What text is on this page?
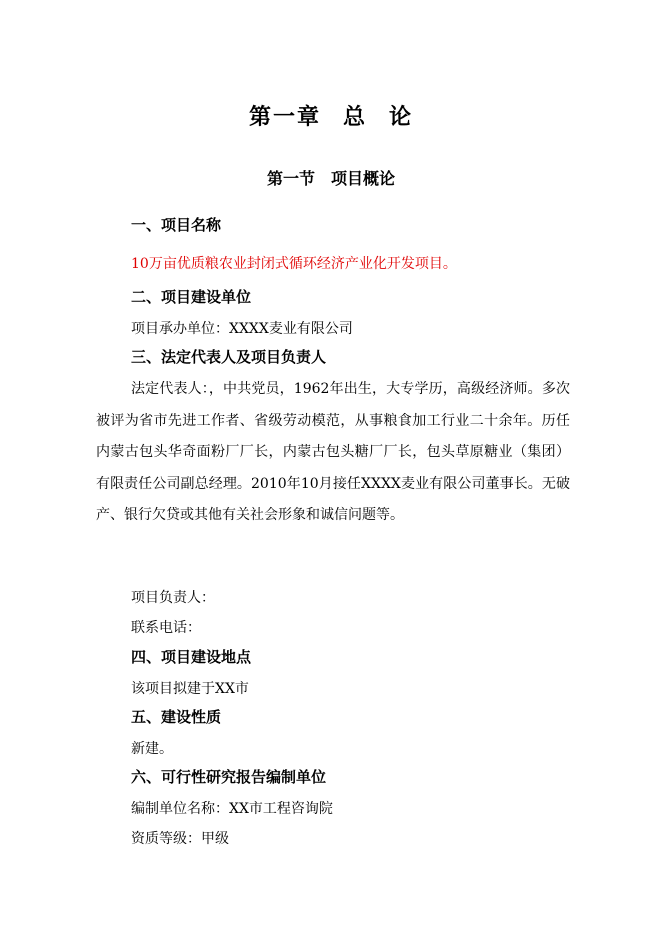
第一章 总 论
第一节 项目概论
一、项目名称
10万亩优质粮农业封闭式循环经济产业化开发项目。
二、项目建设单位
项目承办单位：XXXX麦业有限公司
三、法定代表人及项目负责人
法定代表人：，中共党员，1962年出生，大专学历，高级经济师。多次被评为省市先进工作者、省级劳动模范，从事粮食加工行业二十余年。历任内蒙古包头华奇面粉厂厂长，内蒙古包头糖厂厂长，包头草原糖业（集团）有限责任公司副总经理。2010年10月接任XXXX麦业有限公司董事长。无破产、银行欠贷或其他有关社会形象和诚信问题等。
项目负责人：
联系电话：
四、项目建设地点
该项目拟建于XX市
五、建设性质
新建。
六、可行性研究报告编制单位
编制单位名称：XX市工程咨询院
资质等级：甲级
